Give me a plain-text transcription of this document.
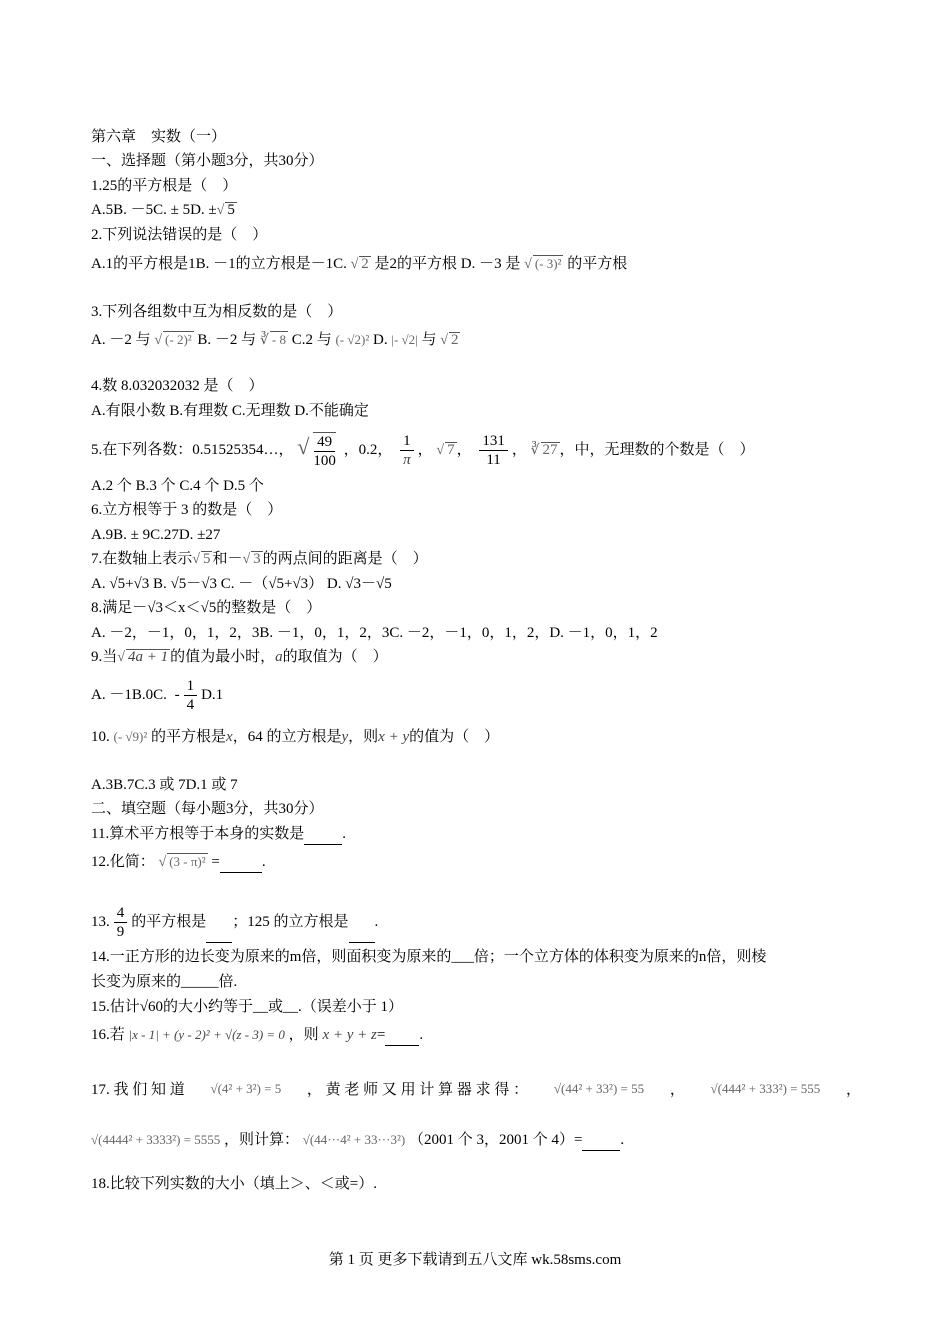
第六章　实数（一）
一、选择题（第小题3分，共30分）
1.25的平方根是（　）
A.5B. －5C. ± 5D. ±√ 5
2.下列说法错误的是（　）
A.1的平方根是1B. －1的立方根是－1C. √ 2 是2的平方根 D. －3 是 √ (- 3)² 的平方根
3.下列各组数中互为相反数的是（　）
A. －2 与 √ (- 2)² B. －2 与 ∛ - 8 C.2 与 (- √2)² D. |- √2| 与 √ 2
4.数 8.032032032 是（　）
A.有限小数 B.有理数 C.无理数 D.不能确定
5.在下列各数：0.51525354…， √ $\frac{49}{100}$ ，0.2， $\frac{1}{\pi}$ ， √ 7 ， $\frac{131}{11}$ ， ∛ 27 ，中，无理数的个数是（　）
A.2 个 B.3 个 C.4 个 D.5 个
6.立方根等于 3 的数是（　）
A.9B. ± 9C.27D. ±27
7.在数轴上表示√ 5 和－√ 3 的两点间的距离是（　）
A. √5+√3 B. √5－√3 C. －（√5+√3） D. √3－√5
8.满足－√3＜x＜√5的整数是（　）
A. －2，－1，0，1，2，3B. －1，0，1，2，3C. －2，－1，0，1，2，D. －1，0，1，2
9.当√ 4a + 1 的值为最小时，a的取值为（　）
A. －1B.0C. - $\frac{1}{4} D.1$
10. (- √9)² 的平方根是x，64 的立方根是y，则x + y的值为（　）
A.3B.7C.3 或 7D.1 或 7
二、填空题（每小题3分，共30分）
11.算术平方根等于本身的实数是	.
12.化简： √ (3 - π)² =	.
13. $\frac{4}{9}$ 的平方根是 ；125 的立方根是 .
14.一正方形的边长变为原来的m倍，则面积变为原来的___倍；一个立方体的体积变为原来的n倍，则棱
长变为原来的_____倍.
15.估计√60的大小约等于__或__.（误差小于 1）
16.若 |x - 1| + (y - 2)² + √(z - 3) = 0 ，则 x + y + z= .
17. 我 们 知 道 √(4² + 3²) = 5 ， 黄 老 师 又 用 计 算 器 求 得 ： √(44² + 33²) = 55 ， √(444² + 333²) = 555 ，
√(4444² + 3333²) = 5555 ，则计算： √(44···4² + 33···3²) （2001 个 3，2001 个 4）=	.
18.比较下列实数的大小（填上＞、＜或=）.
第 1 页 更多下载请到五八文库 wk.58sms.com
